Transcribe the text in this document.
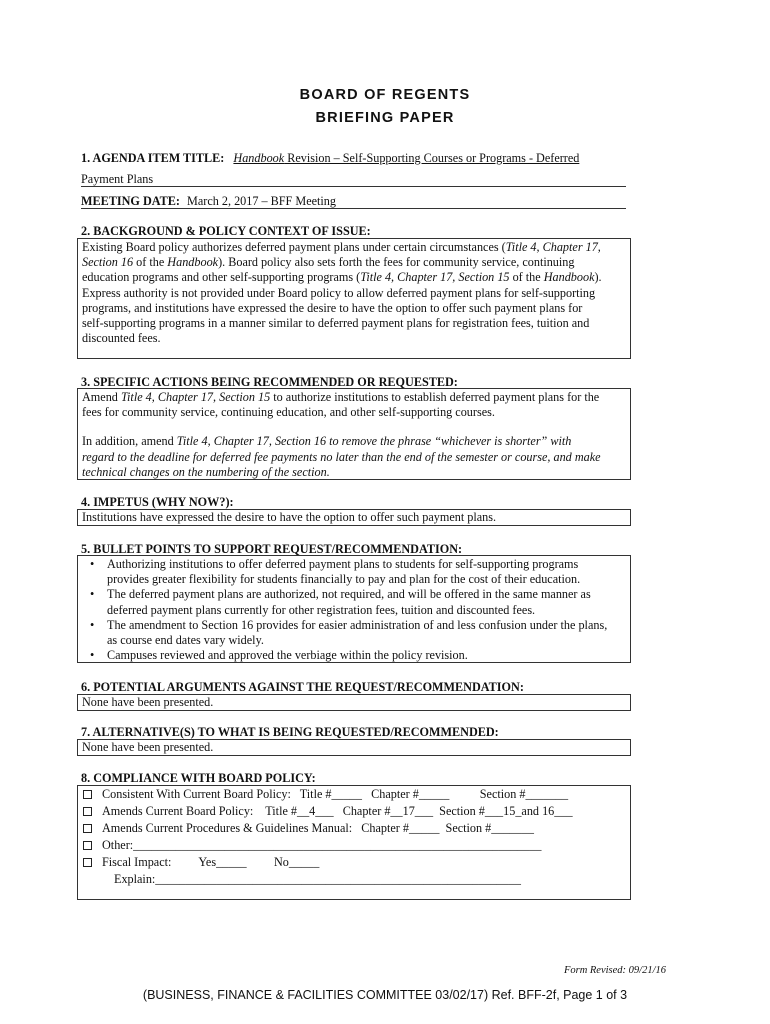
BOARD OF REGENTS
BRIEFING PAPER
1. AGENDA ITEM TITLE: Handbook Revision – Self-Supporting Courses or Programs - Deferred
Payment Plans
MEETING DATE: March 2, 2017 – BFF Meeting
2. BACKGROUND & POLICY CONTEXT OF ISSUE:
Existing Board policy authorizes deferred payment plans under certain circumstances (Title 4, Chapter 17,
Section 16 of the Handbook). Board policy also sets forth the fees for community service, continuing
education programs and other self-supporting programs (Title 4, Chapter 17, Section 15 of the Handbook).
Express authority is not provided under Board policy to allow deferred payment plans for self-supporting
programs, and institutions have expressed the desire to have the option to offer such payment plans for
self-supporting programs in a manner similar to deferred payment plans for registration fees, tuition and
discounted fees.
3. SPECIFIC ACTIONS BEING RECOMMENDED OR REQUESTED:
Amend Title 4, Chapter 17, Section 15 to authorize institutions to establish deferred payment plans for the
fees for community service, continuing education, and other self-supporting courses.
In addition, amend Title 4, Chapter 17, Section 16 to remove the phrase “whichever is shorter” with
regard to the deadline for deferred fee payments no later than the end of the semester or course, and make
technical changes on the numbering of the section.
4. IMPETUS (WHY NOW?):
Institutions have expressed the desire to have the option to offer such payment plans.
5. BULLET POINTS TO SUPPORT REQUEST/RECOMMENDATION:
• Authorizing institutions to offer deferred payment plans to students for self-supporting programs
provides greater flexibility for students financially to pay and plan for the cost of their education.
• The deferred payment plans are authorized, not required, and will be offered in the same manner as
deferred payment plans currently for other registration fees, tuition and discounted fees.
• The amendment to Section 16 provides for easier administration of and less confusion under the plans,
as course end dates vary widely.
• Campuses reviewed and approved the verbiage within the policy revision.
6. POTENTIAL ARGUMENTS AGAINST THE REQUEST/RECOMMENDATION:
None have been presented.
7. ALTERNATIVE(S) TO WHAT IS BEING REQUESTED/RECOMMENDED:
None have been presented.
8. COMPLIANCE WITH BOARD POLICY:
Consistent With Current Board Policy:   Title #_____   Chapter #_____          Section #_______
Amends Current Board Policy:    Title #__4___   Chapter #__17___  Section #___15_and 16___
Amends Current Procedures & Guidelines Manual:   Chapter #_____  Section #_______
Other:___________________________________________________________________
Fiscal Impact:         Yes_____         No_____
Explain:____________________________________________________________
Form Revised: 09/21/16
(BUSINESS, FINANCE & FACILITIES COMMITTEE 03/02/17) Ref. BFF-2f, Page 1 of 3
